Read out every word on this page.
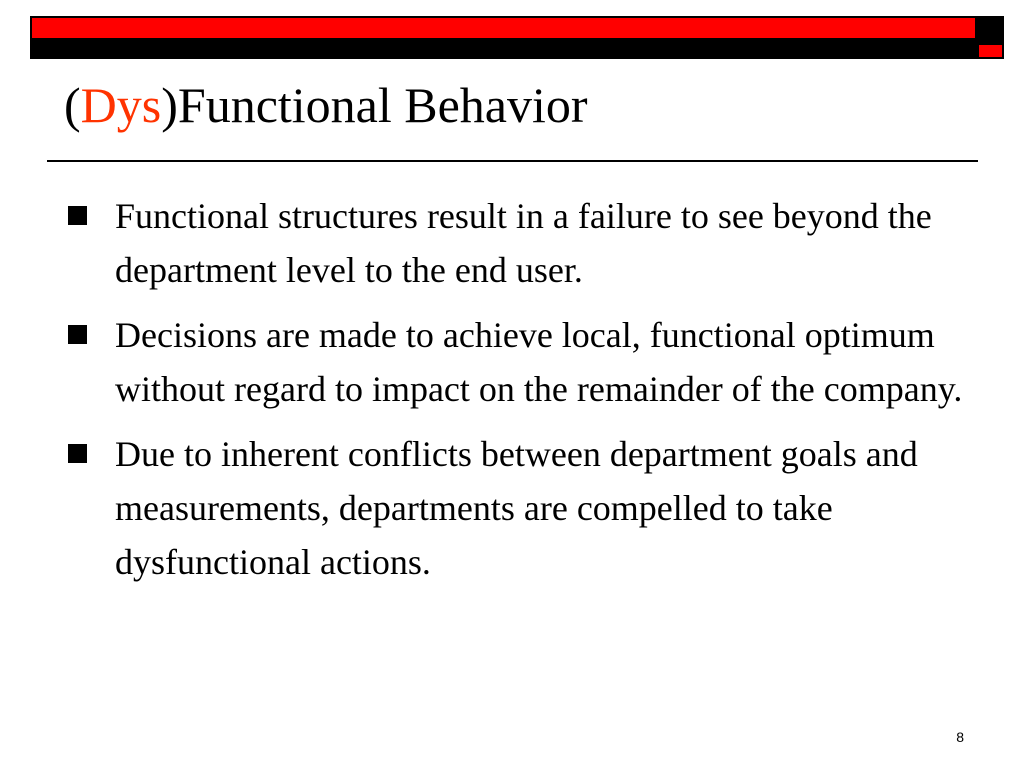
(Dys)Functional Behavior
Functional structures result in a failure to see beyond the department level to the end user.
Decisions are made to achieve local, functional optimum without regard to impact on the remainder of the company.
Due to inherent conflicts between department goals and measurements, departments are compelled to take dysfunctional actions.
8
